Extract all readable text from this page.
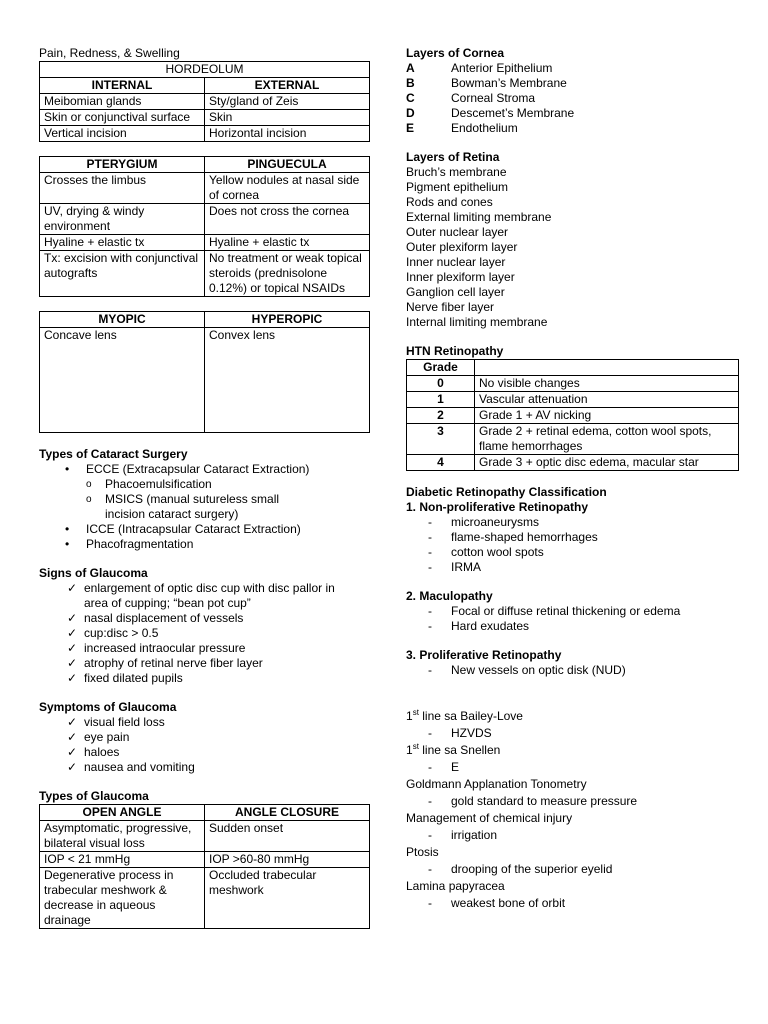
Pain, Redness, & Swelling
HORDEOLUM	
INTERNAL	EXTERNAL
Meibomian glands	Sty/gland of Zeis
Skin or conjunctival surface	Skin
Vertical incision	Horizontal incision
PTERYGIUM	PINGUECULA
Crosses the limbus	Yellow nodules at nasal side of cornea
UV, drying & windy environment	Does not cross the cornea
Hyaline + elastic tx	Hyaline + elastic tx
Tx: excision with conjunctival autografts	No treatment or weak topical steroids (prednisolone 0.12%) or topical NSAIDs
MYOPIC	HYPEROPIC
Concave lens	Convex lens
Types of Cataract Surgery
• ECCE (Extracapsular Cataract Extraction)
o Phacoemulsification
o MSICS (manual sutureless small incision cataract surgery)
• ICCE (Intracapsular Cataract Extraction)
• Phacofragmentation
Signs of Glaucoma
✓ enlargement of optic disc cup with disc pallor in area of cupping; “bean pot cup”
✓ nasal displacement of vessels
✓ cup:disc > 0.5
✓ increased intraocular pressure
✓ atrophy of retinal nerve fiber layer
✓ fixed dilated pupils
Symptoms of Glaucoma
✓ visual field loss
✓ eye pain
✓ haloes
✓ nausea and vomiting
Types of Glaucoma
OPEN ANGLE	ANGLE CLOSURE
Asymptomatic, progressive, bilateral visual loss	Sudden onset
IOP < 21 mmHg	IOP >60-80 mmHg
Degenerative process in trabecular meshwork & decrease in aqueous drainage	Occluded trabecular meshwork
Layers of Cornea
A	Anterior Epithelium
B	Bowman’s Membrane
C	Corneal Stroma
D	Descemet’s Membrane
E	Endothelium
Layers of Retina
Bruch’s membrane
Pigment epithelium
Rods and cones
External limiting membrane
Outer nuclear layer
Outer plexiform layer
Inner nuclear layer
Inner plexiform layer
Ganglion cell layer
Nerve fiber layer
Internal limiting membrane
HTN Retinopathy
Grade	
0	No visible changes
1	Vascular attenuation
2	Grade 1 + AV nicking
3	Grade 2 + retinal edema, cotton wool spots, flame hemorrhages
4	Grade 3 + optic disc edema, macular star
Diabetic Retinopathy Classification
1. Non-proliferative Retinopathy
- microaneurysms
- flame-shaped hemorrhages
- cotton wool spots
- IRMA
2. Maculopathy
- Focal or diffuse retinal thickening or edema
- Hard exudates
3. Proliferative Retinopathy
- New vessels on optic disk (NUD)
1st line sa Bailey-Love
- HZVDS
1st line sa Snellen
- E
Goldmann Applanation Tonometry
- gold standard to measure pressure
Management of chemical injury
- irrigation
Ptosis
- drooping of the superior eyelid
Lamina papyracea
- weakest bone of orbit
